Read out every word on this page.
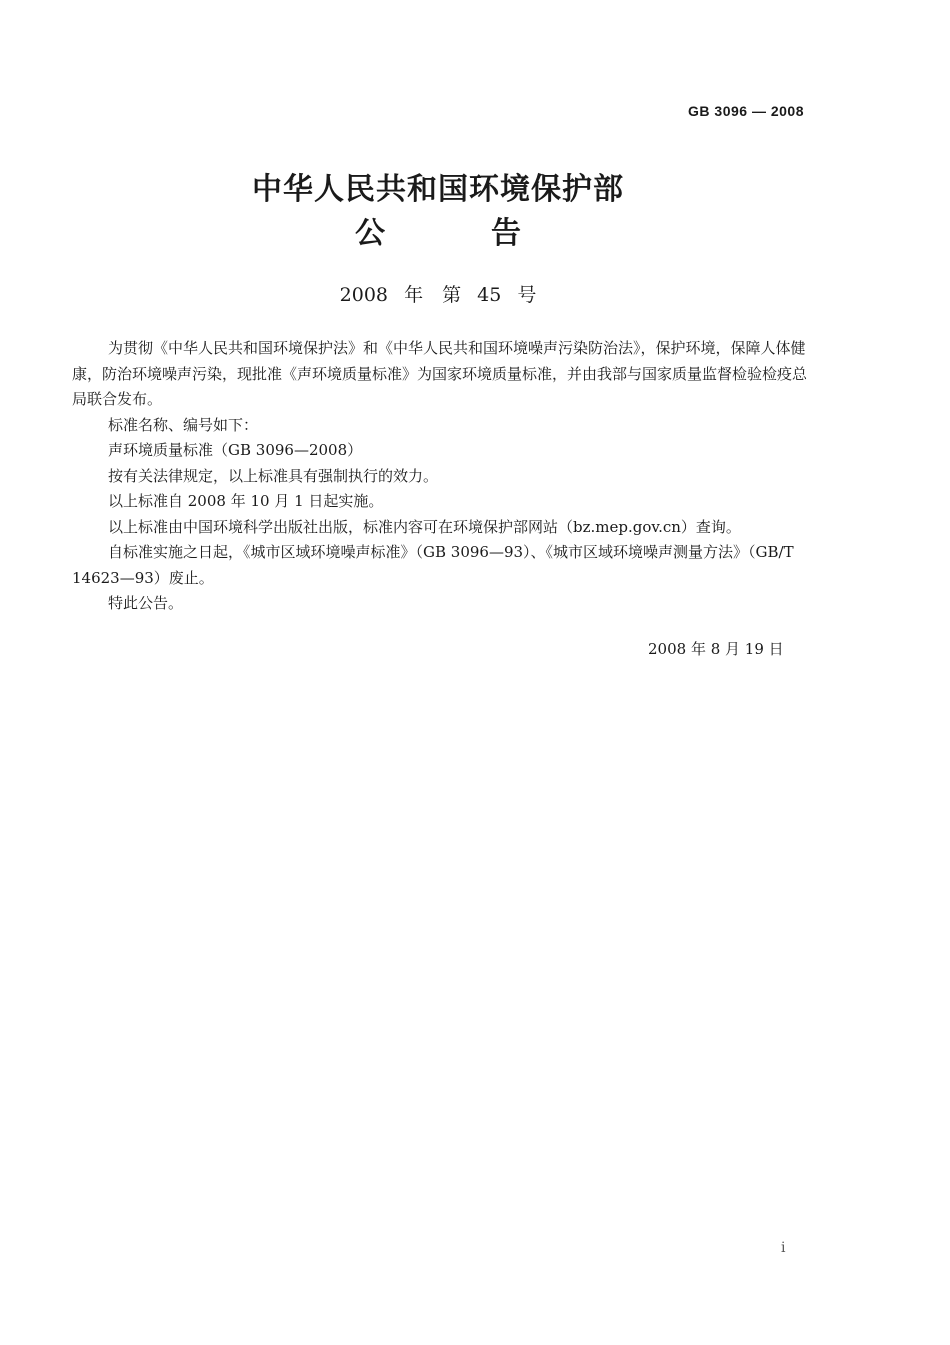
GB 3096 — 2008
中华人民共和国环境保护部
公告
2008 年　第 45 号

为贯彻《中华人民共和国环境保护法》和《中华人民共和国环境噪声污染防治法》，保护环境，保障人体健康，防治环境噪声污染，现批准《声环境质量标准》为国家环境质量标准，并由我部与国家质量监督检验检疫总局联合发布。

标准名称、编号如下：

声环境质量标准（GB 3096—2008）

按有关法律规定，以上标准具有强制执行的效力。

以上标准自 2008 年 10 月 1 日起实施。

以上标准由中国环境科学出版社出版，标准内容可在环境保护部网站（bz.mep.gov.cn）查询。

自标准实施之日起，《城市区域环境噪声标准》（GB 3096—93）、《城市区域环境噪声测量方法》（GB/T 14623—93）废止。

特此公告。

2008 年 8 月 19 日
i
